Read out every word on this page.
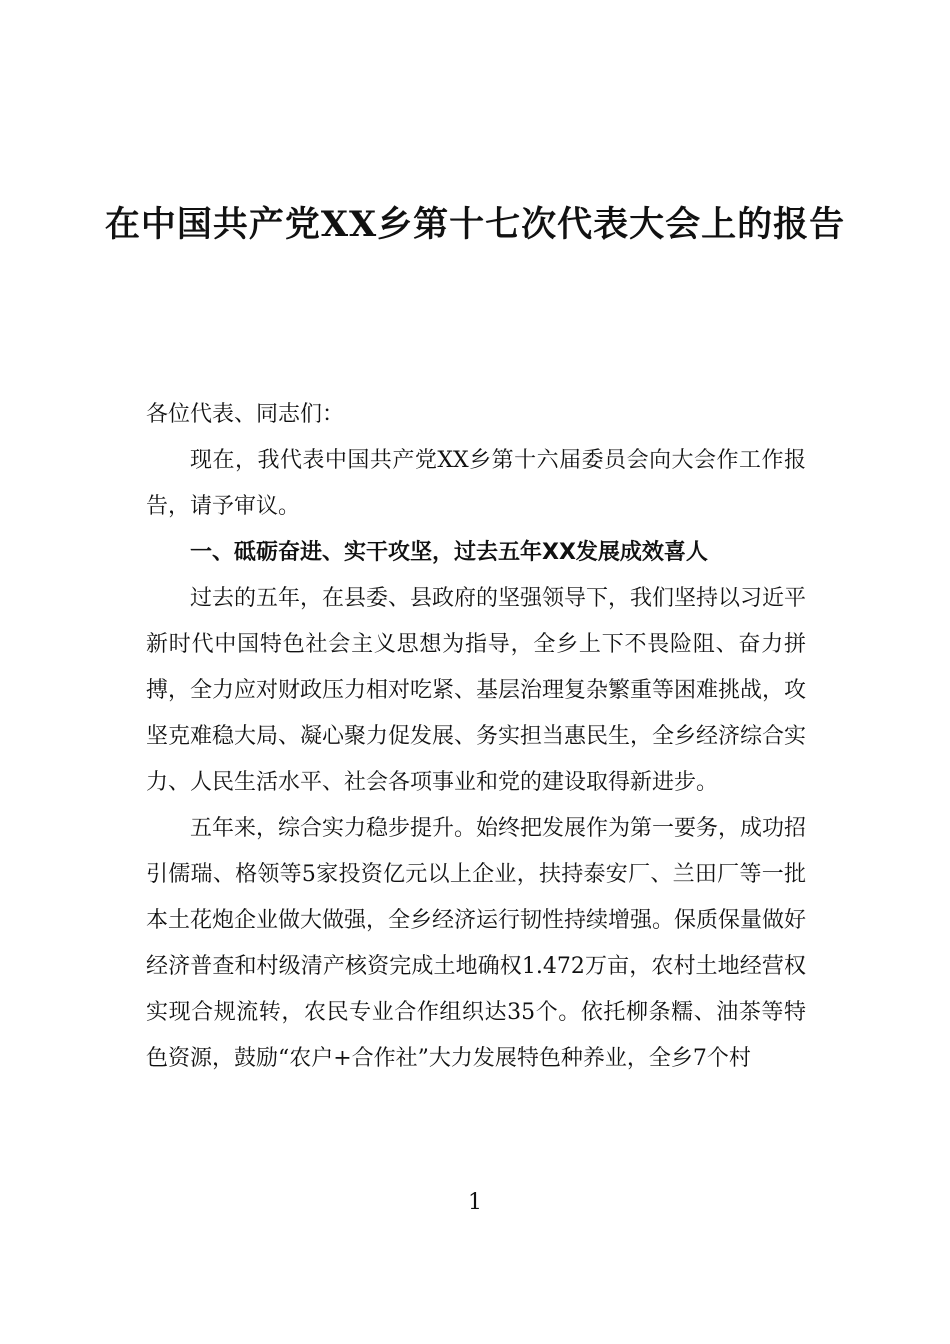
在中国共产党XX乡第十七次代表大会上的报告

各位代表、同志们：

现在，我代表中国共产党XX乡第十六届委员会向大会作工作报告，请予审议。

一、砥砺奋进、实干攻坚，过去五年XX发展成效喜人

过去的五年，在县委、县政府的坚强领导下，我们坚持以习近平新时代中国特色社会主义思想为指导，全乡上下不畏险阻、奋力拼搏，全力应对财政压力相对吃紧、基层治理复杂繁重等困难挑战，攻坚克难稳大局、凝心聚力促发展、务实担当惠民生，全乡经济综合实力、人民生活水平、社会各项事业和党的建设取得新进步。

五年来，综合实力稳步提升。始终把发展作为第一要务，成功招引儒瑞、格领等5家投资亿元以上企业，扶持泰安厂、兰田厂等一批本土花炮企业做大做强，全乡经济运行韧性持续增强。保质保量做好经济普查和村级清产核资完成土地确权1.472万亩，农村土地经营权实现合规流转，农民专业合作组织达35个。依托柳条糯、油茶等特色资源，鼓励“农户+合作社”大力发展特色种养业，全乡7个村

1
